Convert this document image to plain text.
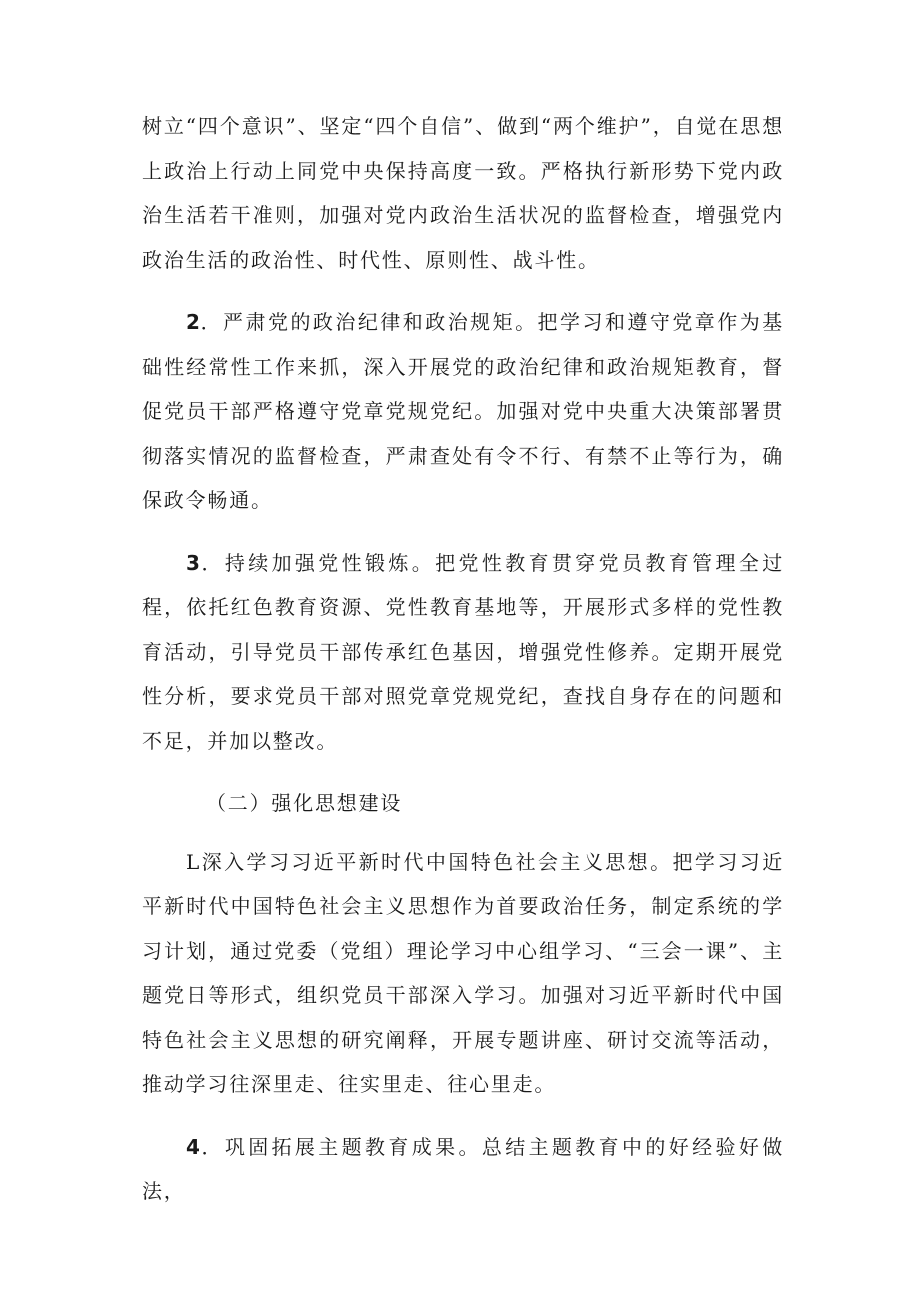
树立“四个意识”、坚定“四个自信”、做到“两个维护”，自觉在思想上政治上行动上同党中央保持高度一致。严格执行新形势下党内政治生活若干准则，加强对党内政治生活状况的监督检查，增强党内政治生活的政治性、时代性、原则性、战斗性。

2．严肃党的政治纪律和政治规矩。把学习和遵守党章作为基础性经常性工作来抓，深入开展党的政治纪律和政治规矩教育，督促党员干部严格遵守党章党规党纪。加强对党中央重大决策部署贯彻落实情况的监督检查，严肃查处有令不行、有禁不止等行为，确保政令畅通。

3．持续加强党性锻炼。把党性教育贯穿党员教育管理全过程，依托红色教育资源、党性教育基地等，开展形式多样的党性教育活动，引导党员干部传承红色基因，增强党性修养。定期开展党性分析，要求党员干部对照党章党规党纪，查找自身存在的问题和不足，并加以整改。

（二）强化思想建设

L深入学习习近平新时代中国特色社会主义思想。把学习习近平新时代中国特色社会主义思想作为首要政治任务，制定系统的学习计划，通过党委（党组）理论学习中心组学习、“三会一课”、主题党日等形式，组织党员干部深入学习。加强对习近平新时代中国特色社会主义思想的研究阐释，开展专题讲座、研讨交流等活动，推动学习往深里走、往实里走、往心里走。

4．巩固拓展主题教育成果。总结主题教育中的好经验好做法，
